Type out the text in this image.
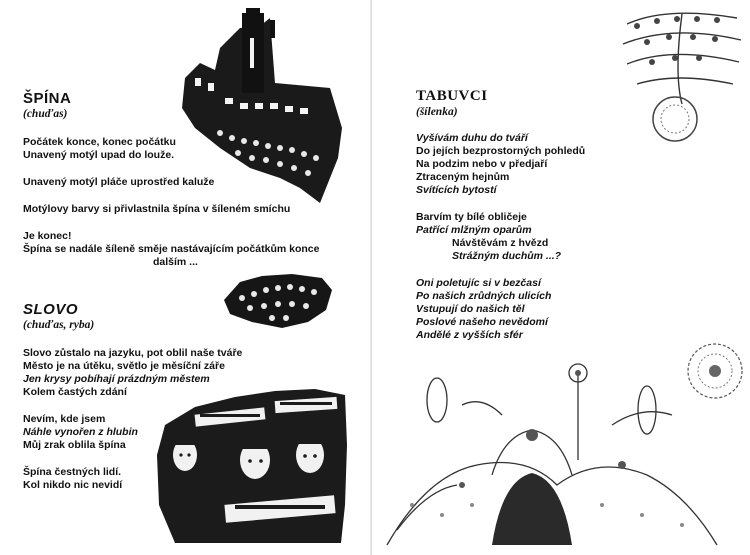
ŠPÍNA
(chuďas)
Počátek konce, konec počátku
Unavený motýl upad do louže.
Unavený motýl pláče uprostřed kaluže
Motýlovy barvy si přivlastnila špína v šíleném smíchu
Je konec!
Špína se nadále šíleně směje nastávajícím počátkům konce
dalším ...
SLOVO
(chuďas, ryba)
Slovo zůstalo na jazyku, pot oblil naše tváře
Město je na útěku, světlo je měsíční záře
Jen krysy pobíhají prázdným městem
Kolem častých zdání
Nevím, kde jsem
Náhle vynořen z hlubin
Můj zrak oblila špína
Špína čestných lidí.
Kol nikdo nic nevidí
TABUVCI
(šílenka)
Vyšívám duhu do tváří
Do jejích bezprostorných pohledů
Na podzim nebo v předjaří
Ztraceným hejnům
Svítících bytostí
Barvím ty bílé obličeje
Patřící mlžným oparům
Návštěvám z hvězd
Strážným duchům ...?
Oni poletujíc si v bezčasí
Po našich zrůdných ulicích
Vstupují do našich těl
Poslové našeho nevědomí
Andělé z vyšších sfér
